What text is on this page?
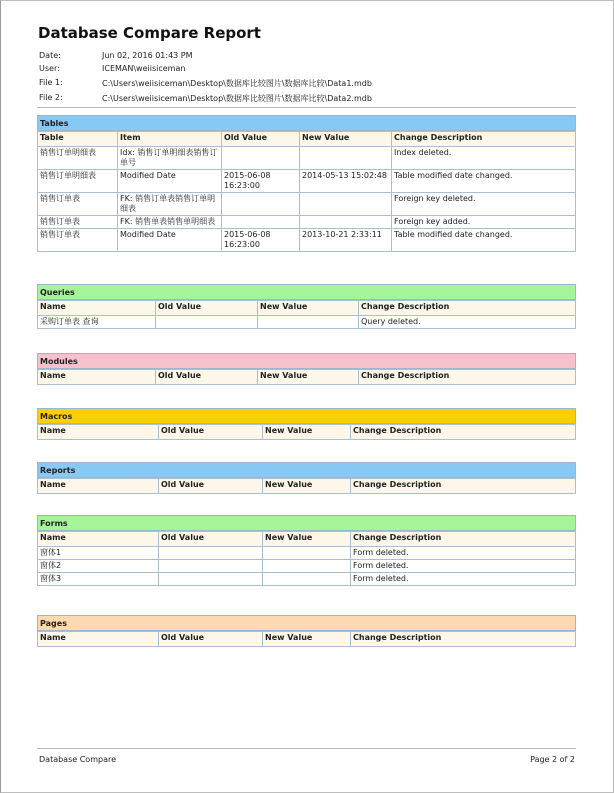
Database Compare Report
Date:	Jun 02, 2016 01:43 PM
User:	ICEMAN\weiisiceman
File 1:	C:\Users\weiisiceman\Desktop\数据库比较图片\数据库比较\Data1.mdb
File 2:	C:\Users\weiisiceman\Desktop\数据库比较图片\数据库比较\Data2.mdb
Tables
Table	Item	Old Value	New Value	Change Description
销售订单明细表	Idx: 销售订单明细表销售订单号			Index deleted.
销售订单明细表	Modified Date	2015-06-08 16:23:00	2014-05-13 15:02:48	Table modified date changed.
销售订单表	FK: 销售订单表销售订单明细表			Foreign key deleted.
销售订单表	FK: 销售单表销售单明细表			Foreign key added.
销售订单表	Modified Date	2015-06-08 16:23:00	2013-10-21 2:33:11	Table modified date changed.
Queries
Name	Old Value	New Value	Change Description
采购订单表 查询			Query deleted.
Modules
Name	Old Value	New Value	Change Description
Macros
Name	Old Value	New Value	Change Description
Reports
Name	Old Value	New Value	Change Description
Forms
Name	Old Value	New Value	Change Description
窗体1			Form deleted.
窗体2			Form deleted.
窗体3			Form deleted.
Pages
Name	Old Value	New Value	Change Description
Database Compare	Page 2 of 2
